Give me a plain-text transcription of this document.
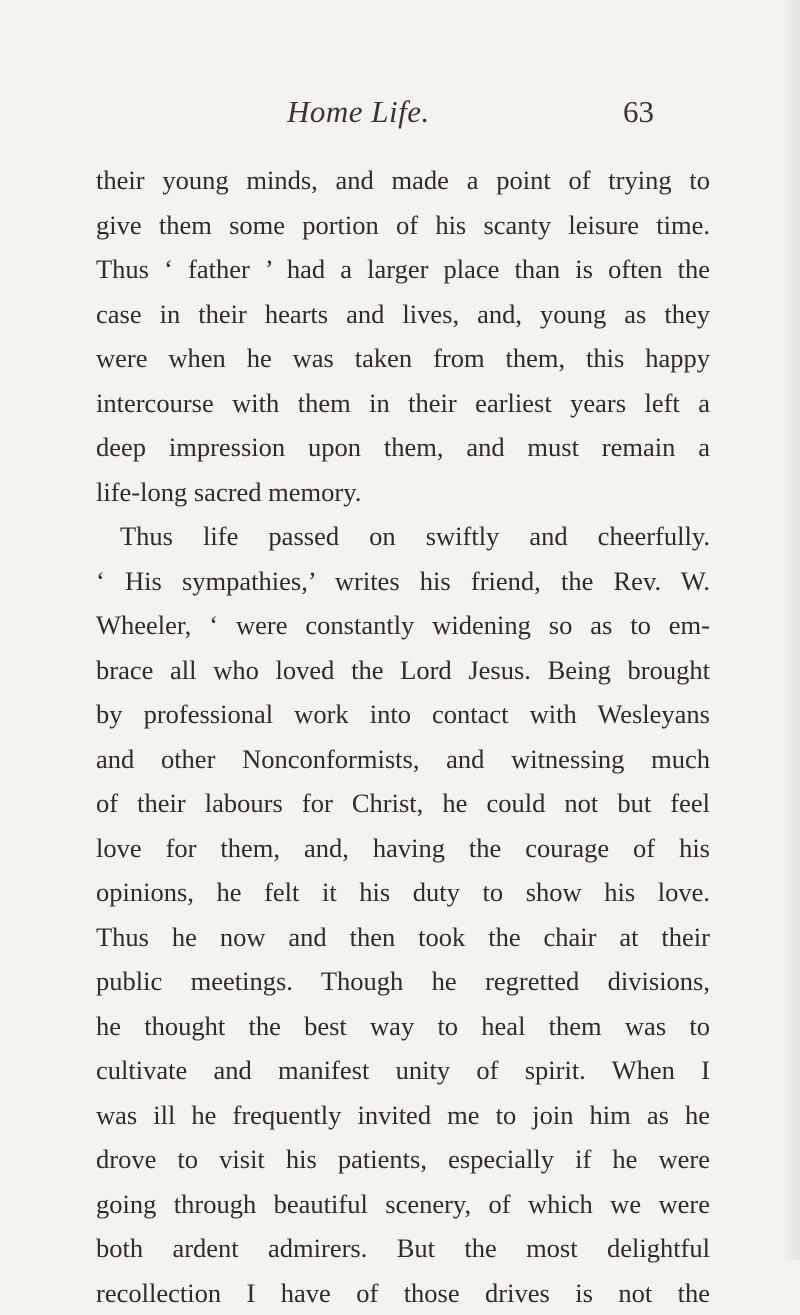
Home Life.	63
their young minds, and made a point of trying to
give them some portion of his scanty leisure time.
Thus ‘ father ’ had a larger place than is often the
case in their hearts and lives, and, young as they
were when he was taken from them, this happy
intercourse with them in their earliest years left a
deep impression upon them, and must remain a
life-long sacred memory.
Thus life passed on swiftly and cheerfully.
‘ His sympathies,’ writes his friend, the Rev. W.
Wheeler, ‘ were constantly widening so as to em-
brace all who loved the Lord Jesus. Being brought
by professional work into contact with Wesleyans
and other Nonconformists, and witnessing much
of their labours for Christ, he could not but feel
love for them, and, having the courage of his
opinions, he felt it his duty to show his love.
Thus he now and then took the chair at their
public meetings. Though he regretted divisions,
he thought the best way to heal them was to
cultivate and manifest unity of spirit. When I
was ill he frequently invited me to join him as he
drove to visit his patients, especially if he were
going through beautiful scenery, of which we were
both ardent admirers. But the most delightful
recollection I have of those drives is not the
